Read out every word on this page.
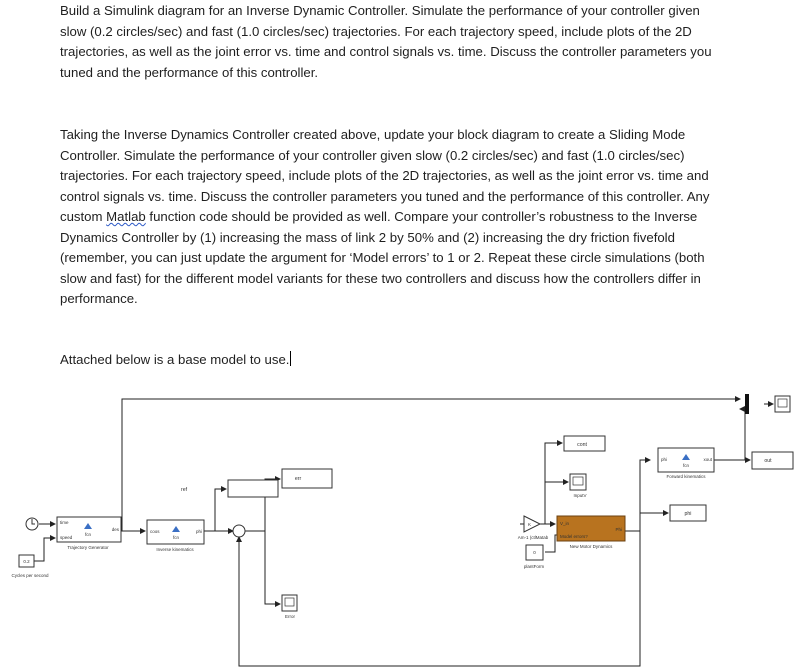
Build a Simulink diagram for an Inverse Dynamic Controller. Simulate the performance of your controller given slow (0.2 circles/sec) and fast (1.0 circles/sec) trajectories. For each trajectory speed, include plots of the 2D trajectories, as well as the joint error vs. time and control signals vs. time. Discuss the controller parameters you tuned and the performance of this controller.
Taking the Inverse Dynamics Controller created above, update your block diagram to create a Sliding Mode Controller. Simulate the performance of your controller given slow (0.2 circles/sec) and fast (1.0 circles/sec) trajectories. For each trajectory speed, include plots of the 2D trajectories, as well as the joint error vs. time and control signals vs. time. Discuss the controller parameters you tuned and the performance of this controller. Any custom Matlab function code should be provided as well. Compare your controller’s robustness to the Inverse Dynamics Controller by (1) increasing the mass of link 2 by 50% and (2) increasing the dry friction fivefold (remember, you can just update the argument for ‘Model errors’ to 1 or 2. Repeat these circle simulations (both slow and fast) for the different model variants for these two controllers and discuss how the controllers differ in performance.
Attached below is a base model to use.
0.2
Cycles per second
time
speed
des
fcn
Trajectory Generator
coos	phi
fcn
Inverse kinematics
ref
err
Error
cont
InputV
K
Am-1 (ctlMatab
V_in
Model errors?
Phi
New Motor Dynamics
0
plantForm
phi	xout
fcn
Forward kinematics
phi
out
